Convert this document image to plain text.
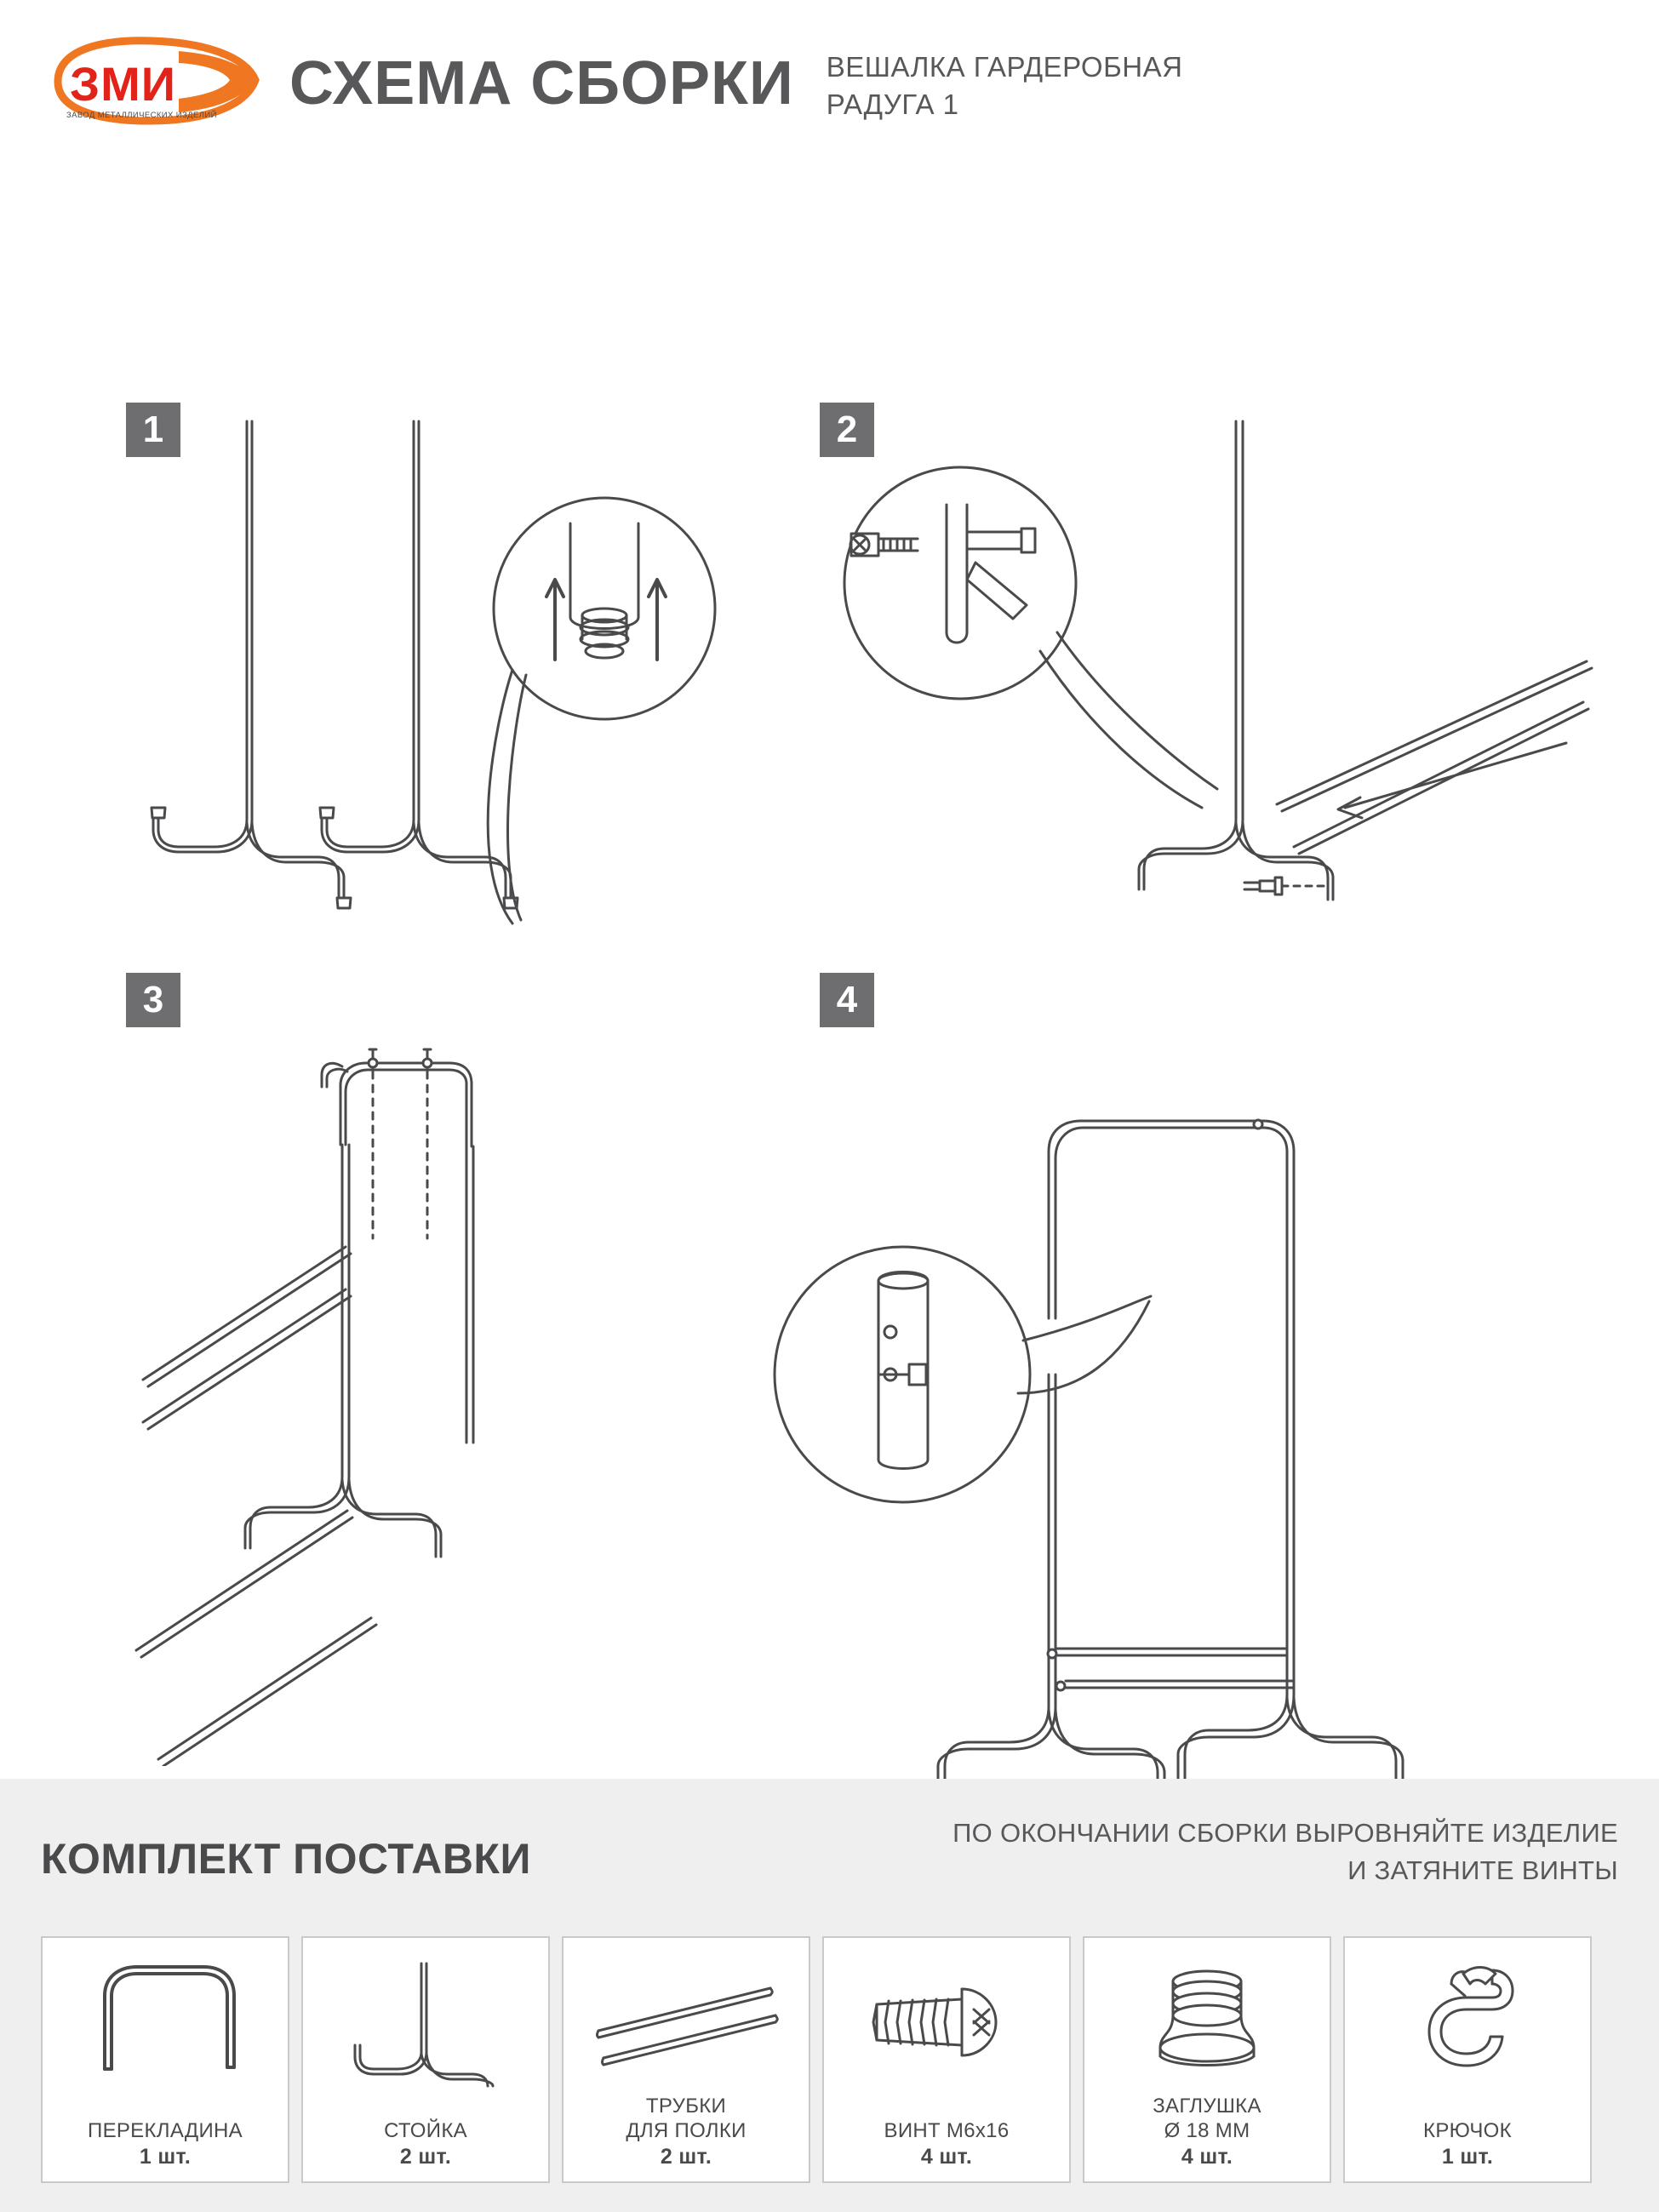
ЗМИ
ЗАВОД МЕТАЛЛИЧЕСКИХ ИЗДЕЛИЙ СХЕМА СБОРКИ ВЕШАЛКА ГАРДЕРОБНАЯ
РАДУГА 1
1	2
3	4
КОМПЛЕКТ ПОСТАВКИ
ПО ОКОНЧАНИИ СБОРКИ ВЫРОВНЯЙТЕ ИЗДЕЛИЕ
И ЗАТЯНИТЕ ВИНТЫ
ПЕРЕКЛАДИНА
1 шт.
СТОЙКА
2 шт.
ТРУБКИ
ДЛЯ ПОЛКИ
2 шт.
ВИНТ М6х16
4 шт.
ЗАГЛУШКА
Ø 18 ММ
4 шт.
КРЮЧОК
1 шт.
